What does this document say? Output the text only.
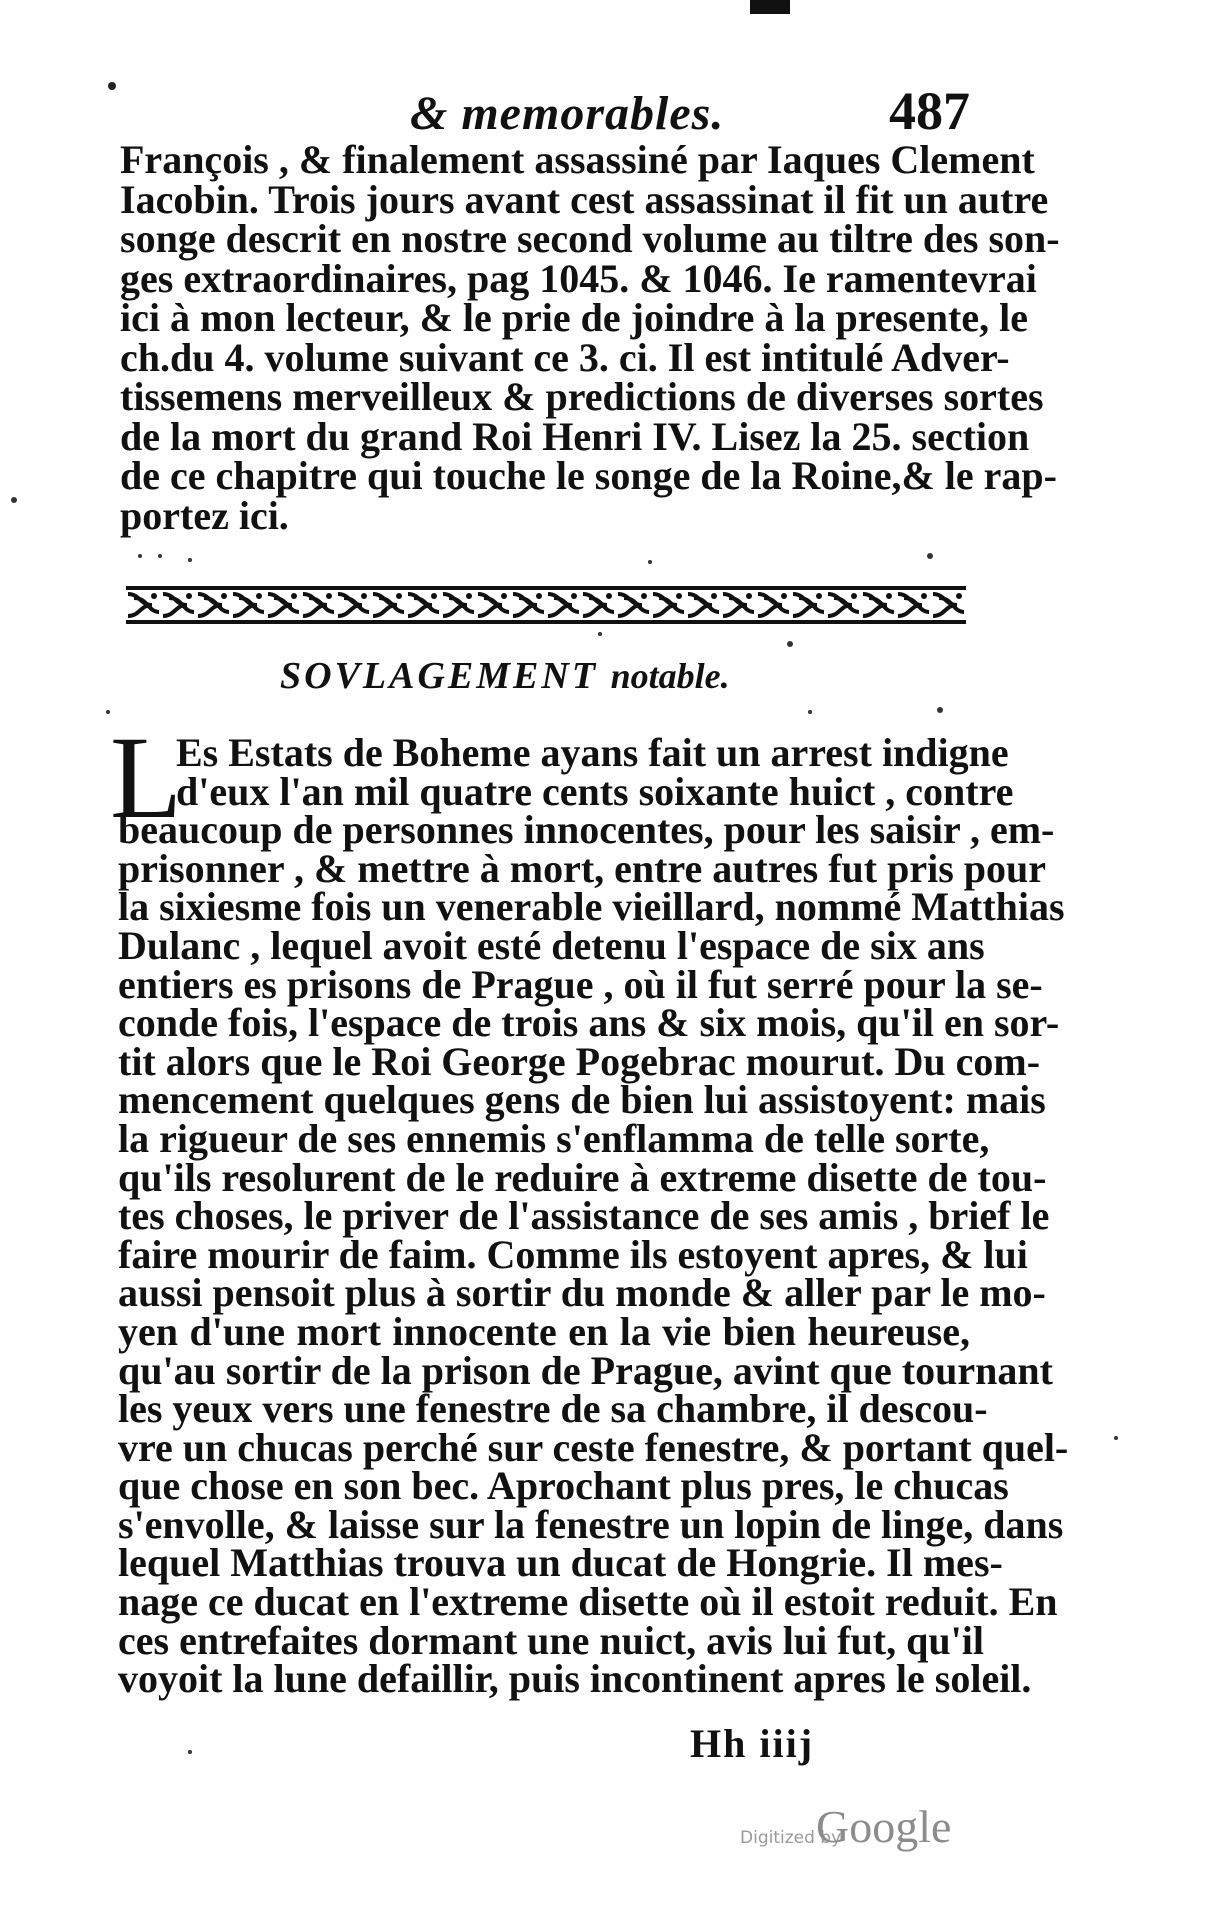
& memorables.	487
François , & finalement assassiné par Iaques Clement
Iacobin. Trois jours avant cest assassinat il fit un autre
songe descrit en nostre second volume au tiltre des son-
ges extraordinaires, pag 1045. & 1046. Ie ramentevrai
ici à mon lecteur, & le prie de joindre à la presente, le
ch.du 4. volume suivant ce 3. ci. Il est intitulé Adver-
tissemens merveilleux & predictions de diverses sortes
de la mort du grand Roi Henri IV. Lisez la 25. section
de ce chapitre qui touche le songe de la Roine,& le rap-
portez ici.
SOVLAGEMENT notable.
L
Es Estats de Boheme ayans fait un arrest indigne
d'eux l'an mil quatre cents soixante huict , contre
beaucoup de personnes innocentes, pour les saisir , em-
prisonner , & mettre à mort, entre autres fut pris pour
la sixiesme fois un venerable vieillard, nommé Matthias
Dulanc , lequel avoit esté detenu l'espace de six ans
entiers es prisons de Prague , où il fut serré pour la se-
conde fois, l'espace de trois ans & six mois, qu'il en sor-
tit alors que le Roi George Pogebrac mourut. Du com-
mencement quelques gens de bien lui assistoyent: mais
la rigueur de ses ennemis s'enflamma de telle sorte,
qu'ils resolurent de le reduire à extreme disette de tou-
tes choses, le priver de l'assistance de ses amis , brief le
faire mourir de faim. Comme ils estoyent apres, & lui
aussi pensoit plus à sortir du monde & aller par le mo-
yen d'une mort innocente en la vie bien heureuse,
qu'au sortir de la prison de Prague, avint que tournant
les yeux vers une fenestre de sa chambre, il descou-
vre un chucas perché sur ceste fenestre, & portant quel-
que chose en son bec. Aprochant plus pres, le chucas
s'envolle, & laisse sur la fenestre un lopin de linge, dans
lequel Matthias trouva un ducat de Hongrie. Il mes-
nage ce ducat en l'extreme disette où il estoit reduit. En
ces entrefaites dormant une nuict, avis lui fut, qu'il
voyoit la lune defaillir, puis incontinent apres le soleil.
Hh iiij
Digitized by
Google
